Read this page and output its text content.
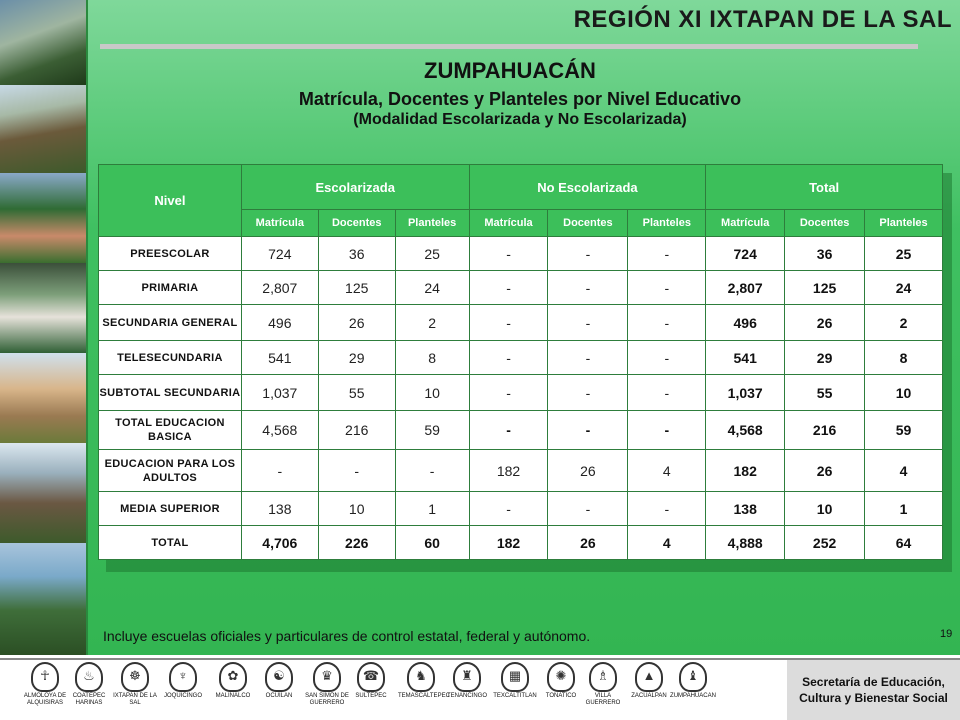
REGIÓN XI IXTAPAN DE LA SAL
ZUMPAHUACÁN
Matrícula, Docentes y Planteles por Nivel Educativo
(Modalidad Escolarizada y No Escolarizada)
Nivel	Escolarizada			No Escolarizada			Total		
	Matrícula	Docentes	Planteles	Matrícula	Docentes	Planteles	Matrícula	Docentes	Planteles
PREESCOLAR	724	36	25	-	-	-	724	36	25
PRIMARIA	2,807	125	24	-	-	-	2,807	125	24
SECUNDARIA GENERAL	496	26	2	-	-	-	496	26	2
TELESECUNDARIA	541	29	8	-	-	-	541	29	8
SUBTOTAL SECUNDARIA	1,037	55	10	-	-	-	1,037	55	10
TOTAL EDUCACION BASICA	4,568	216	59	-	-	-	4,568	216	59
EDUCACION PARA LOS ADULTOS	-	-	-	182	26	4	182	26	4
MEDIA SUPERIOR	138	10	1	-	-	-	138	10	1
TOTAL	4,706	226	60	182	26	4	4,888	252	64
Incluye escuelas oficiales y particulares de control estatal, federal y autónomo.	19
☥
ALMOLOYA DE ALQUISIRAS
♨
COATEPEC HARINAS
☸
IXTAPAN DE LA SAL
♆
JOQUICINGO
✿
MALINALCO
☯
OCUILAN
♛
SAN SIMON DE GUERRERO
☎
SULTEPEC
♞
TEMASCALTEPEC
♜
TENANCINGO
▦
TEXCALTITLAN
✺
TONATICO
♗
VILLA GUERRERO
▲
ZACUALPAN
♝
ZUMPAHUACAN
Secretaría de Educación,
Cultura y Bienestar Social
